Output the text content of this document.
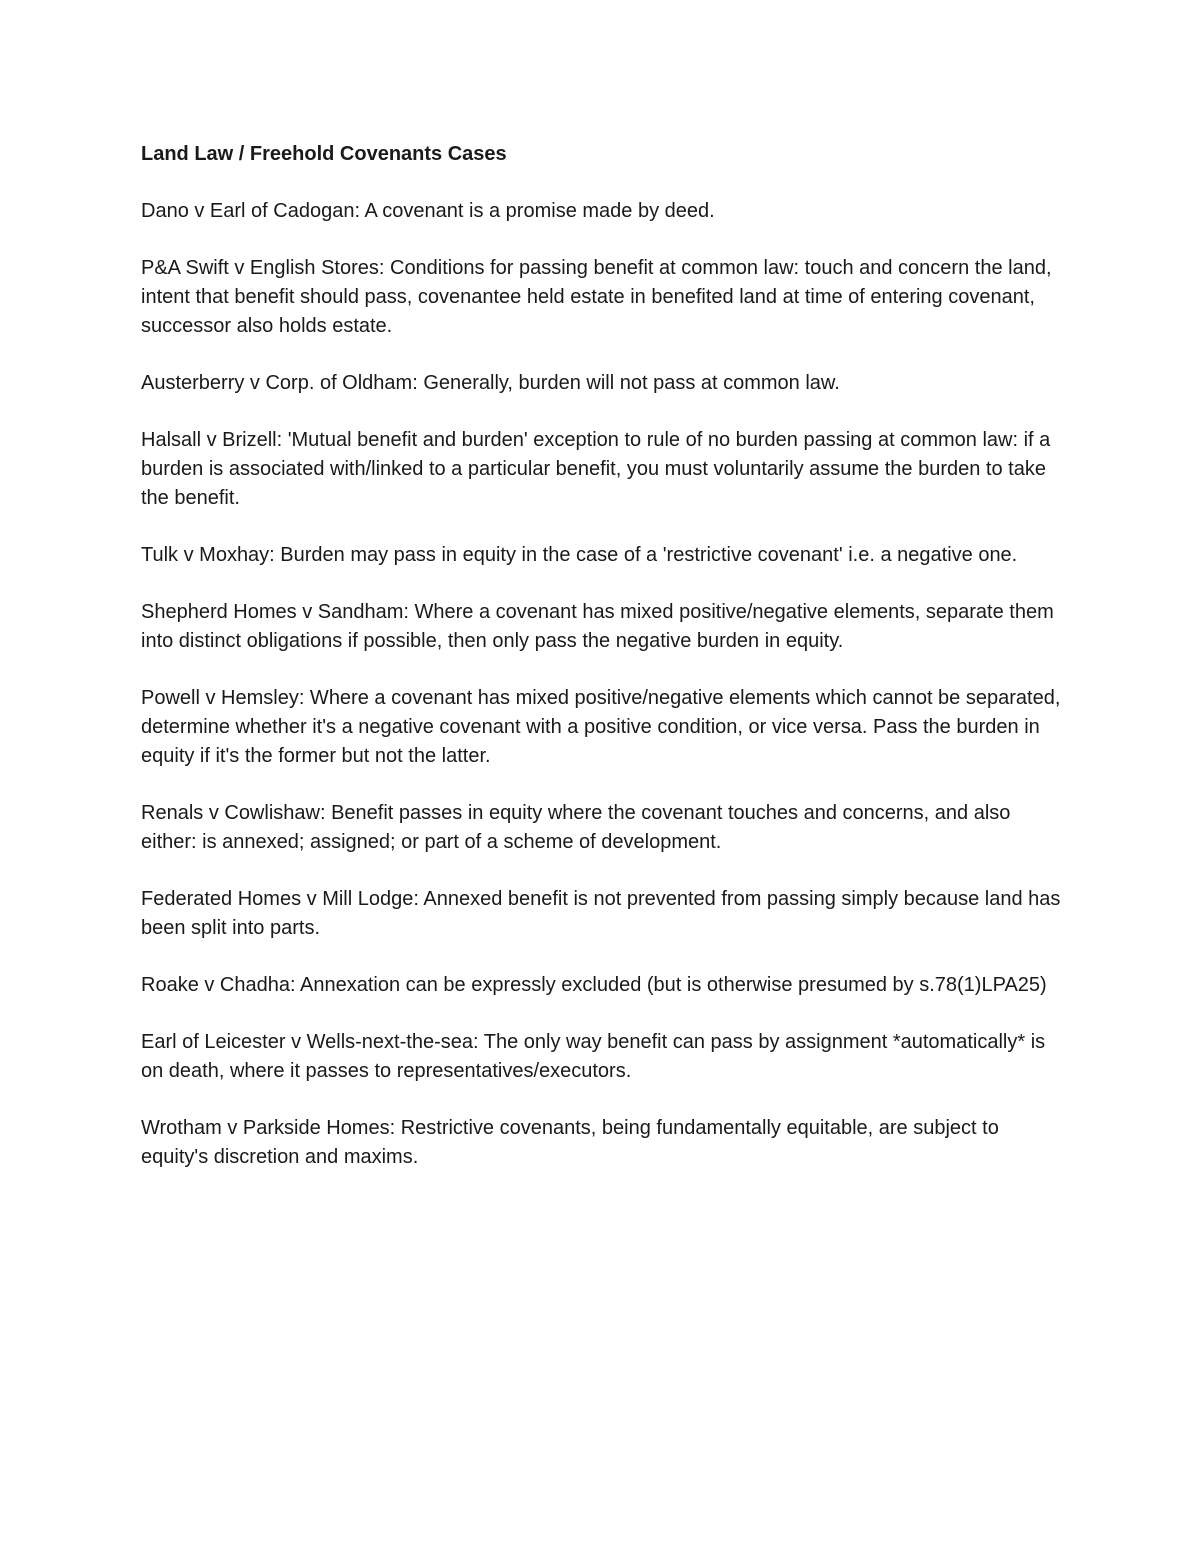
Land Law / Freehold Covenants Cases
Dano v Earl of Cadogan: A covenant is a promise made by deed.
P&A Swift v English Stores: Conditions for passing benefit at common law: touch and concern the land, intent that benefit should pass, covenantee held estate in benefited land at time of entering covenant, successor also holds estate.
Austerberry v Corp. of Oldham: Generally, burden will not pass at common law.
Halsall v Brizell: 'Mutual benefit and burden' exception to rule of no burden passing at common law: if a burden is associated with/linked to a particular benefit, you must voluntarily assume the burden to take the benefit.
Tulk v Moxhay: Burden may pass in equity in the case of a 'restrictive covenant' i.e. a negative one.
Shepherd Homes v Sandham: Where a covenant has mixed positive/negative elements, separate them into distinct obligations if possible, then only pass the negative burden in equity.
Powell v Hemsley: Where a covenant has mixed positive/negative elements which cannot be separated, determine whether it's a negative covenant with a positive condition, or vice versa. Pass the burden in equity if it's the former but not the latter.
Renals v Cowlishaw: Benefit passes in equity where the covenant touches and concerns, and also either: is annexed; assigned; or part of a scheme of development.
Federated Homes v Mill Lodge: Annexed benefit is not prevented from passing simply because land has been split into parts.
Roake v Chadha: Annexation can be expressly excluded (but is otherwise presumed by s.78(1)LPA25)
Earl of Leicester v Wells-next-the-sea: The only way benefit can pass by assignment *automatically* is on death, where it passes to representatives/executors.
Wrotham v Parkside Homes: Restrictive covenants, being fundamentally equitable, are subject to equity's discretion and maxims.
